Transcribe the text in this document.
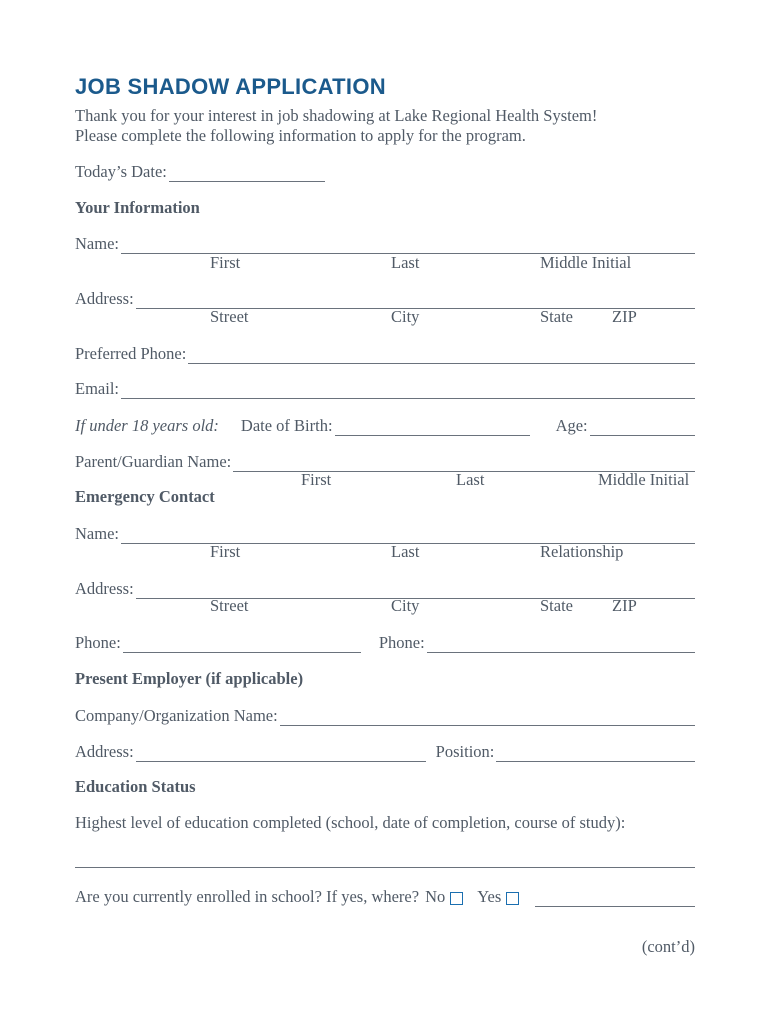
JOB SHADOW APPLICATION
Thank you for your interest in job shadowing at Lake Regional Health System!
Please complete the following information to apply for the program.
Today’s Date:
Your Information
Name:
First	Last	Middle Initial
Address:
Street	City	State ZIP
Preferred Phone:
Email:
If under 18 years old: Date of Birth:	Age:
Parent/Guardian Name:
First	Last	Middle Initial
Emergency Contact
Name:
First	Last	Relationship
Address:
Street	City	State ZIP
Phone:	Phone:
Present Employer (if applicable)
Company/Organization Name:
Address:	Position:
Education Status
Highest level of education completed (school, date of completion, course of study):
Are you currently enrolled in school? If yes, where? No Yes
(cont’d)
